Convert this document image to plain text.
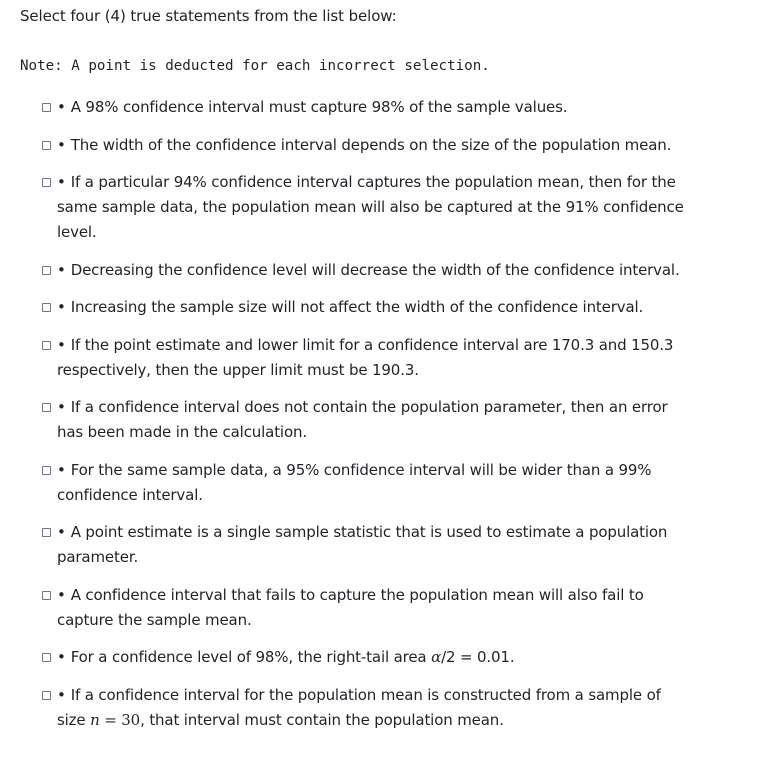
Select four (4) true statements from the list below:
Note: A point is deducted for each incorrect selection.
• A 98% confidence interval must capture 98% of the sample values.
• The width of the confidence interval depends on the size of the population mean.
• If a particular 94% confidence interval captures the population mean, then for the same sample data, the population mean will also be captured at the 91% confidence level.
• Decreasing the confidence level will decrease the width of the confidence interval.
• Increasing the sample size will not affect the width of the confidence interval.
• If the point estimate and lower limit for a confidence interval are 170.3 and 150.3 respectively, then the upper limit must be 190.3.
• If a confidence interval does not contain the population parameter, then an error has been made in the calculation.
• For the same sample data, a 95% confidence interval will be wider than a 99% confidence interval.
• A point estimate is a single sample statistic that is used to estimate a population parameter.
• A confidence interval that fails to capture the population mean will also fail to capture the sample mean.
• For a confidence level of 98%, the right-tail area α/2 = 0.01.
• If a confidence interval for the population mean is constructed from a sample of size n = 30, that interval must contain the population mean.
